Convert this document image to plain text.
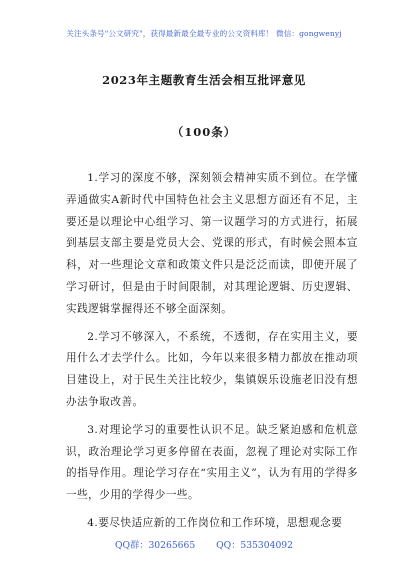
关注头条号"公文研究"，获得最新最全最专业的公文资料库！ 微信：gongwenyj
2023年主题教育生活会相互批评意见
（100条）

1.学习的深度不够，深刻领会精神实质不到位。在学懂弄通做实A新时代中国特色社会主义思想方面还有不足，主要还是以理论中心组学习、第一议题学习的方式进行，拓展到基层支部主要是党员大会、党课的形式，有时候会照本宣科，对一些理论文章和政策文件只是泛泛而读，即使开展了学习研讨，但是由于时间限制，对其理论逻辑、历史逻辑、实践逻辑掌握得还不够全面深刻。

2.学习不够深入，不系统，不透彻，存在实用主义，要用什么才去学什么。比如，今年以来很多精力都放在推动项目建设上，对于民生关注比较少，集镇娱乐设施老旧没有想办法争取改善。

3.对理论学习的重要性认识不足。缺乏紧迫感和危机意识，政治理论学习更多停留在表面，忽视了理论对实际工作的指导作用。理论学习存在“实用主义”，认为有用的学得多一些，少用的学得少一些。

4.要尽快适应新的工作岗位和工作环境，思想观念要

QQ群：30265665 QQ：535304092
